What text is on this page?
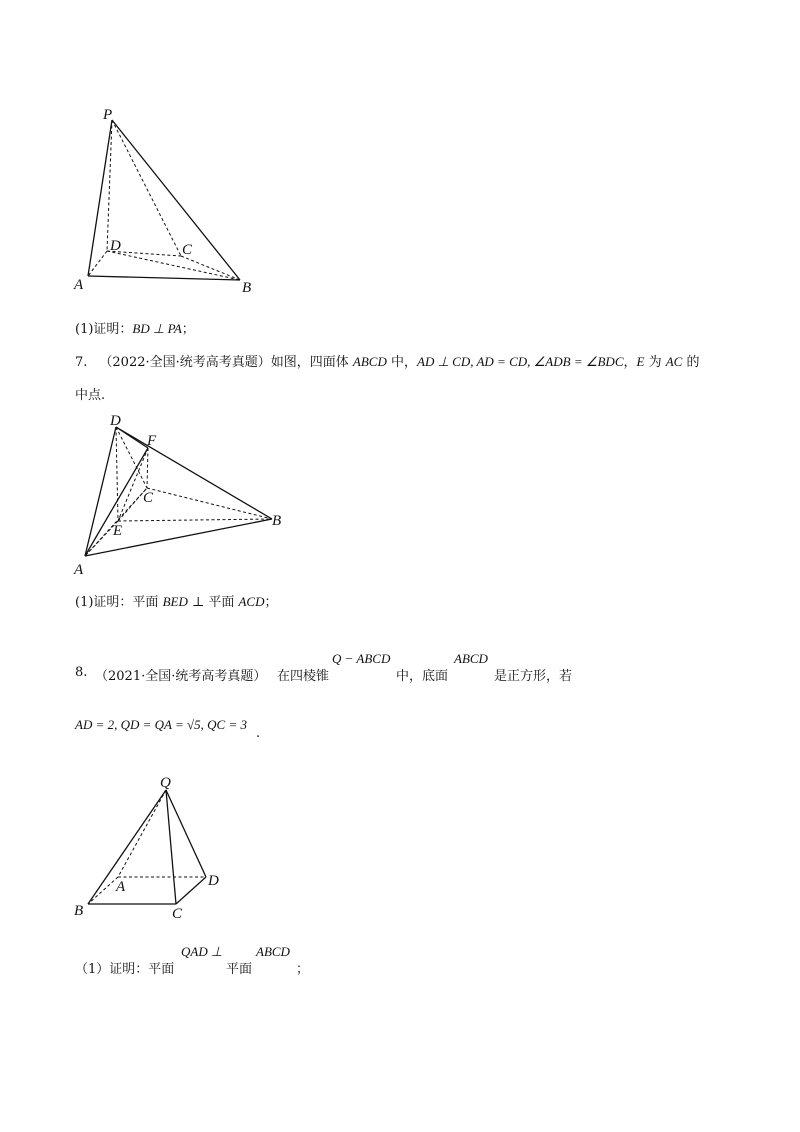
P
D	C
A	B
(1)证明：BD ⊥ PA；
7. （2022·全国·统考高考真题）如图，四面体 ABCD 中，AD ⊥ CD, AD = CD, ∠ADB = ∠BDC，E 为 AC 的
中点.
D
F
C
E
A
B
(1)证明：平面 BED ⊥ 平面 ACD；
8. （2021·全国·统考高考真题） 在四棱锥
Q − ABCD
中，底面
ABCD
是正方形，若
AD = 2, QD = QA = √5, QC = 3
.
Q
A	D
B	C
（1）证明：平面
QAD ⊥
平面
ABCD
；
